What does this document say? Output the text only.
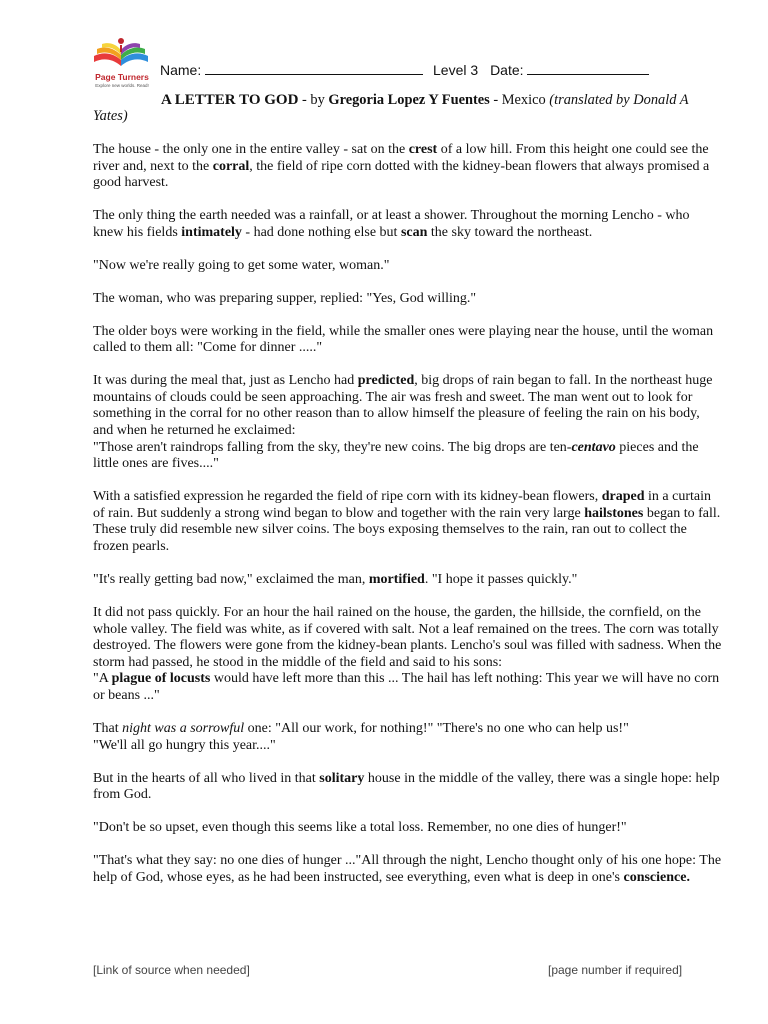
Page Turners
Explore new worlds. Read!
Name:	Level 3 Date:
A LETTER TO GOD - by Gregoria Lopez Y Fuentes - Mexico (translated by Donald A Yates)

The house - the only one in the entire valley - sat on the crest of a low hill. From this height one could see the river and, next to the corral, the field of ripe corn dotted with the kidney-bean flowers that always promised a good harvest.

The only thing the earth needed was a rainfall, or at least a shower. Throughout the morning Lencho - who knew his fields intimately - had done nothing else but scan the sky toward the northeast.

"Now we're really going to get some water, woman."

The woman, who was preparing supper, replied: "Yes, God willing."

The older boys were working in the field, while the smaller ones were playing near the house, until the woman called to them all: "Come for dinner ....."

It was during the meal that, just as Lencho had predicted, big drops of rain began to fall. In the northeast huge mountains of clouds could be seen approaching. The air was fresh and sweet. The man went out to look for something in the corral for no other reason than to allow himself the pleasure of feeling the rain on his body, and when he returned he exclaimed:
"Those aren't raindrops falling from the sky, they're new coins. The big drops are ten-centavo pieces and the little ones are fives...."

With a satisfied expression he regarded the field of ripe corn with its kidney-bean flowers, draped in a curtain of rain. But suddenly a strong wind began to blow and together with the rain very large hailstones began to fall. These truly did resemble new silver coins. The boys exposing themselves to the rain, ran out to collect the frozen pearls.

"It's really getting bad now," exclaimed the man, mortified. "I hope it passes quickly."

It did not pass quickly. For an hour the hail rained on the house, the garden, the hillside, the cornfield, on the whole valley. The field was white, as if covered with salt. Not a leaf remained on the trees. The corn was totally destroyed. The flowers were gone from the kidney-bean plants. Lencho's soul was filled with sadness. When the storm had passed, he stood in the middle of the field and said to his sons:
"A plague of locusts would have left more than this ... The hail has left nothing: This year we will have no corn or beans ..."

That night was a sorrowful one: "All our work, for nothing!" "There's no one who can help us!"
"We'll all go hungry this year...."

But in the hearts of all who lived in that solitary house in the middle of the valley, there was a single hope: help from God.

"Don't be so upset, even though this seems like a total loss. Remember, no one dies of hunger!"

"That's what they say: no one dies of hunger ..."All through the night, Lencho thought only of his one hope: The help of God, whose eyes, as he had been instructed, see everything, even what is deep in one's conscience.

[Link of source when needed]	[page number if required]
